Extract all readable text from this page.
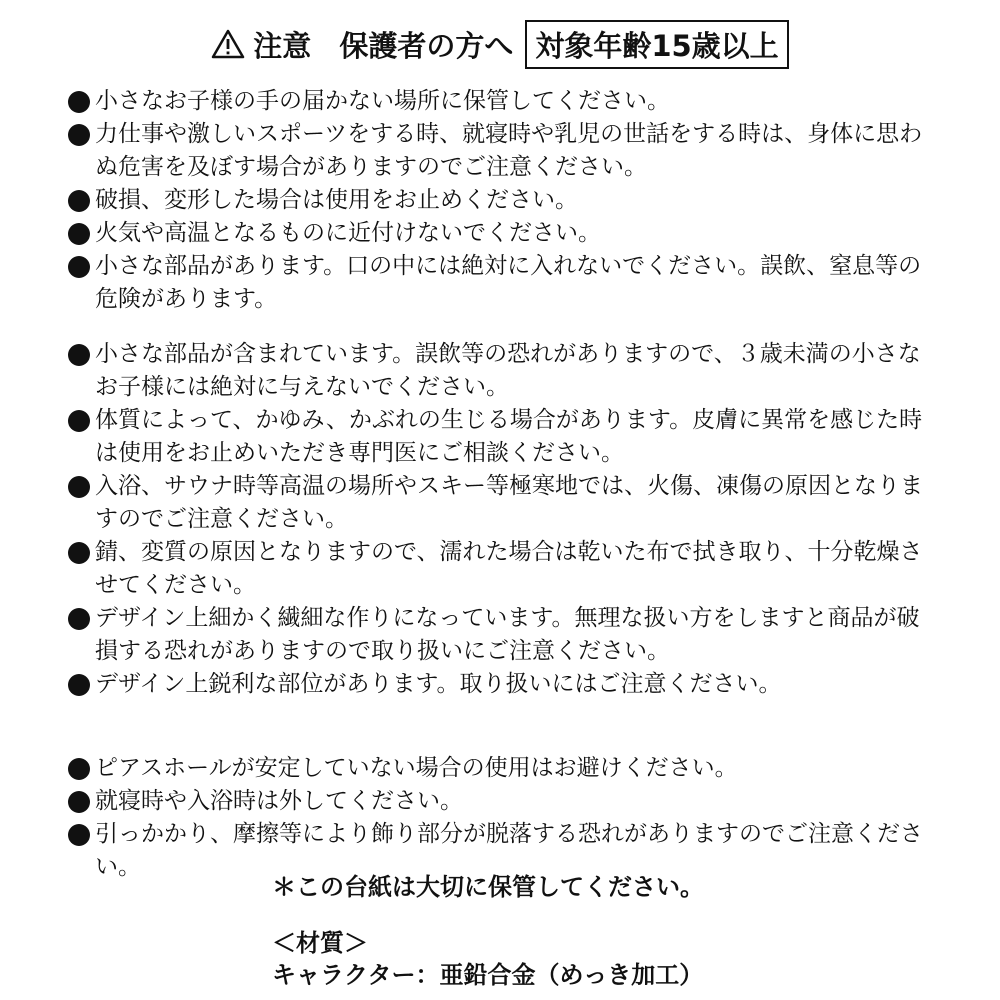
注意 保護者の方へ 対象年齢15歳以上
小さなお子様の手の届かない場所に保管してください。
力仕事や激しいスポーツをする時、就寝時や乳児の世話をする時は、身体に思わぬ危害を及ぼす場合がありますのでご注意ください。
破損、変形した場合は使用をお止めください。
火気や高温となるものに近付けないでください。
小さな部品があります。口の中には絶対に入れないでください。誤飲、窒息等の危険があります。
小さな部品が含まれています。誤飲等の恐れがありますので、３歳未満の小さなお子様には絶対に与えないでください。
体質によって、かゆみ、かぶれの生じる場合があります。皮膚に異常を感じた時は使用をお止めいただき専門医にご相談ください。
入浴、サウナ時等高温の場所やスキー等極寒地では、火傷、凍傷の原因となりますのでご注意ください。
錆、変質の原因となりますので、濡れた場合は乾いた布で拭き取り、十分乾燥させてください。
デザイン上細かく繊細な作りになっています。無理な扱い方をしますと商品が破損する恐れがありますので取り扱いにご注意ください。
デザイン上鋭利な部位があります。取り扱いにはご注意ください。
ピアスホールが安定していない場合の使用はお避けください。
就寝時や入浴時は外してください。
引っかかり、摩擦等により飾り部分が脱落する恐れがありますのでご注意ください。
＊この台紙は大切に保管してください。
＜材質＞
キャラクター：亜鉛合金（めっき加工）
